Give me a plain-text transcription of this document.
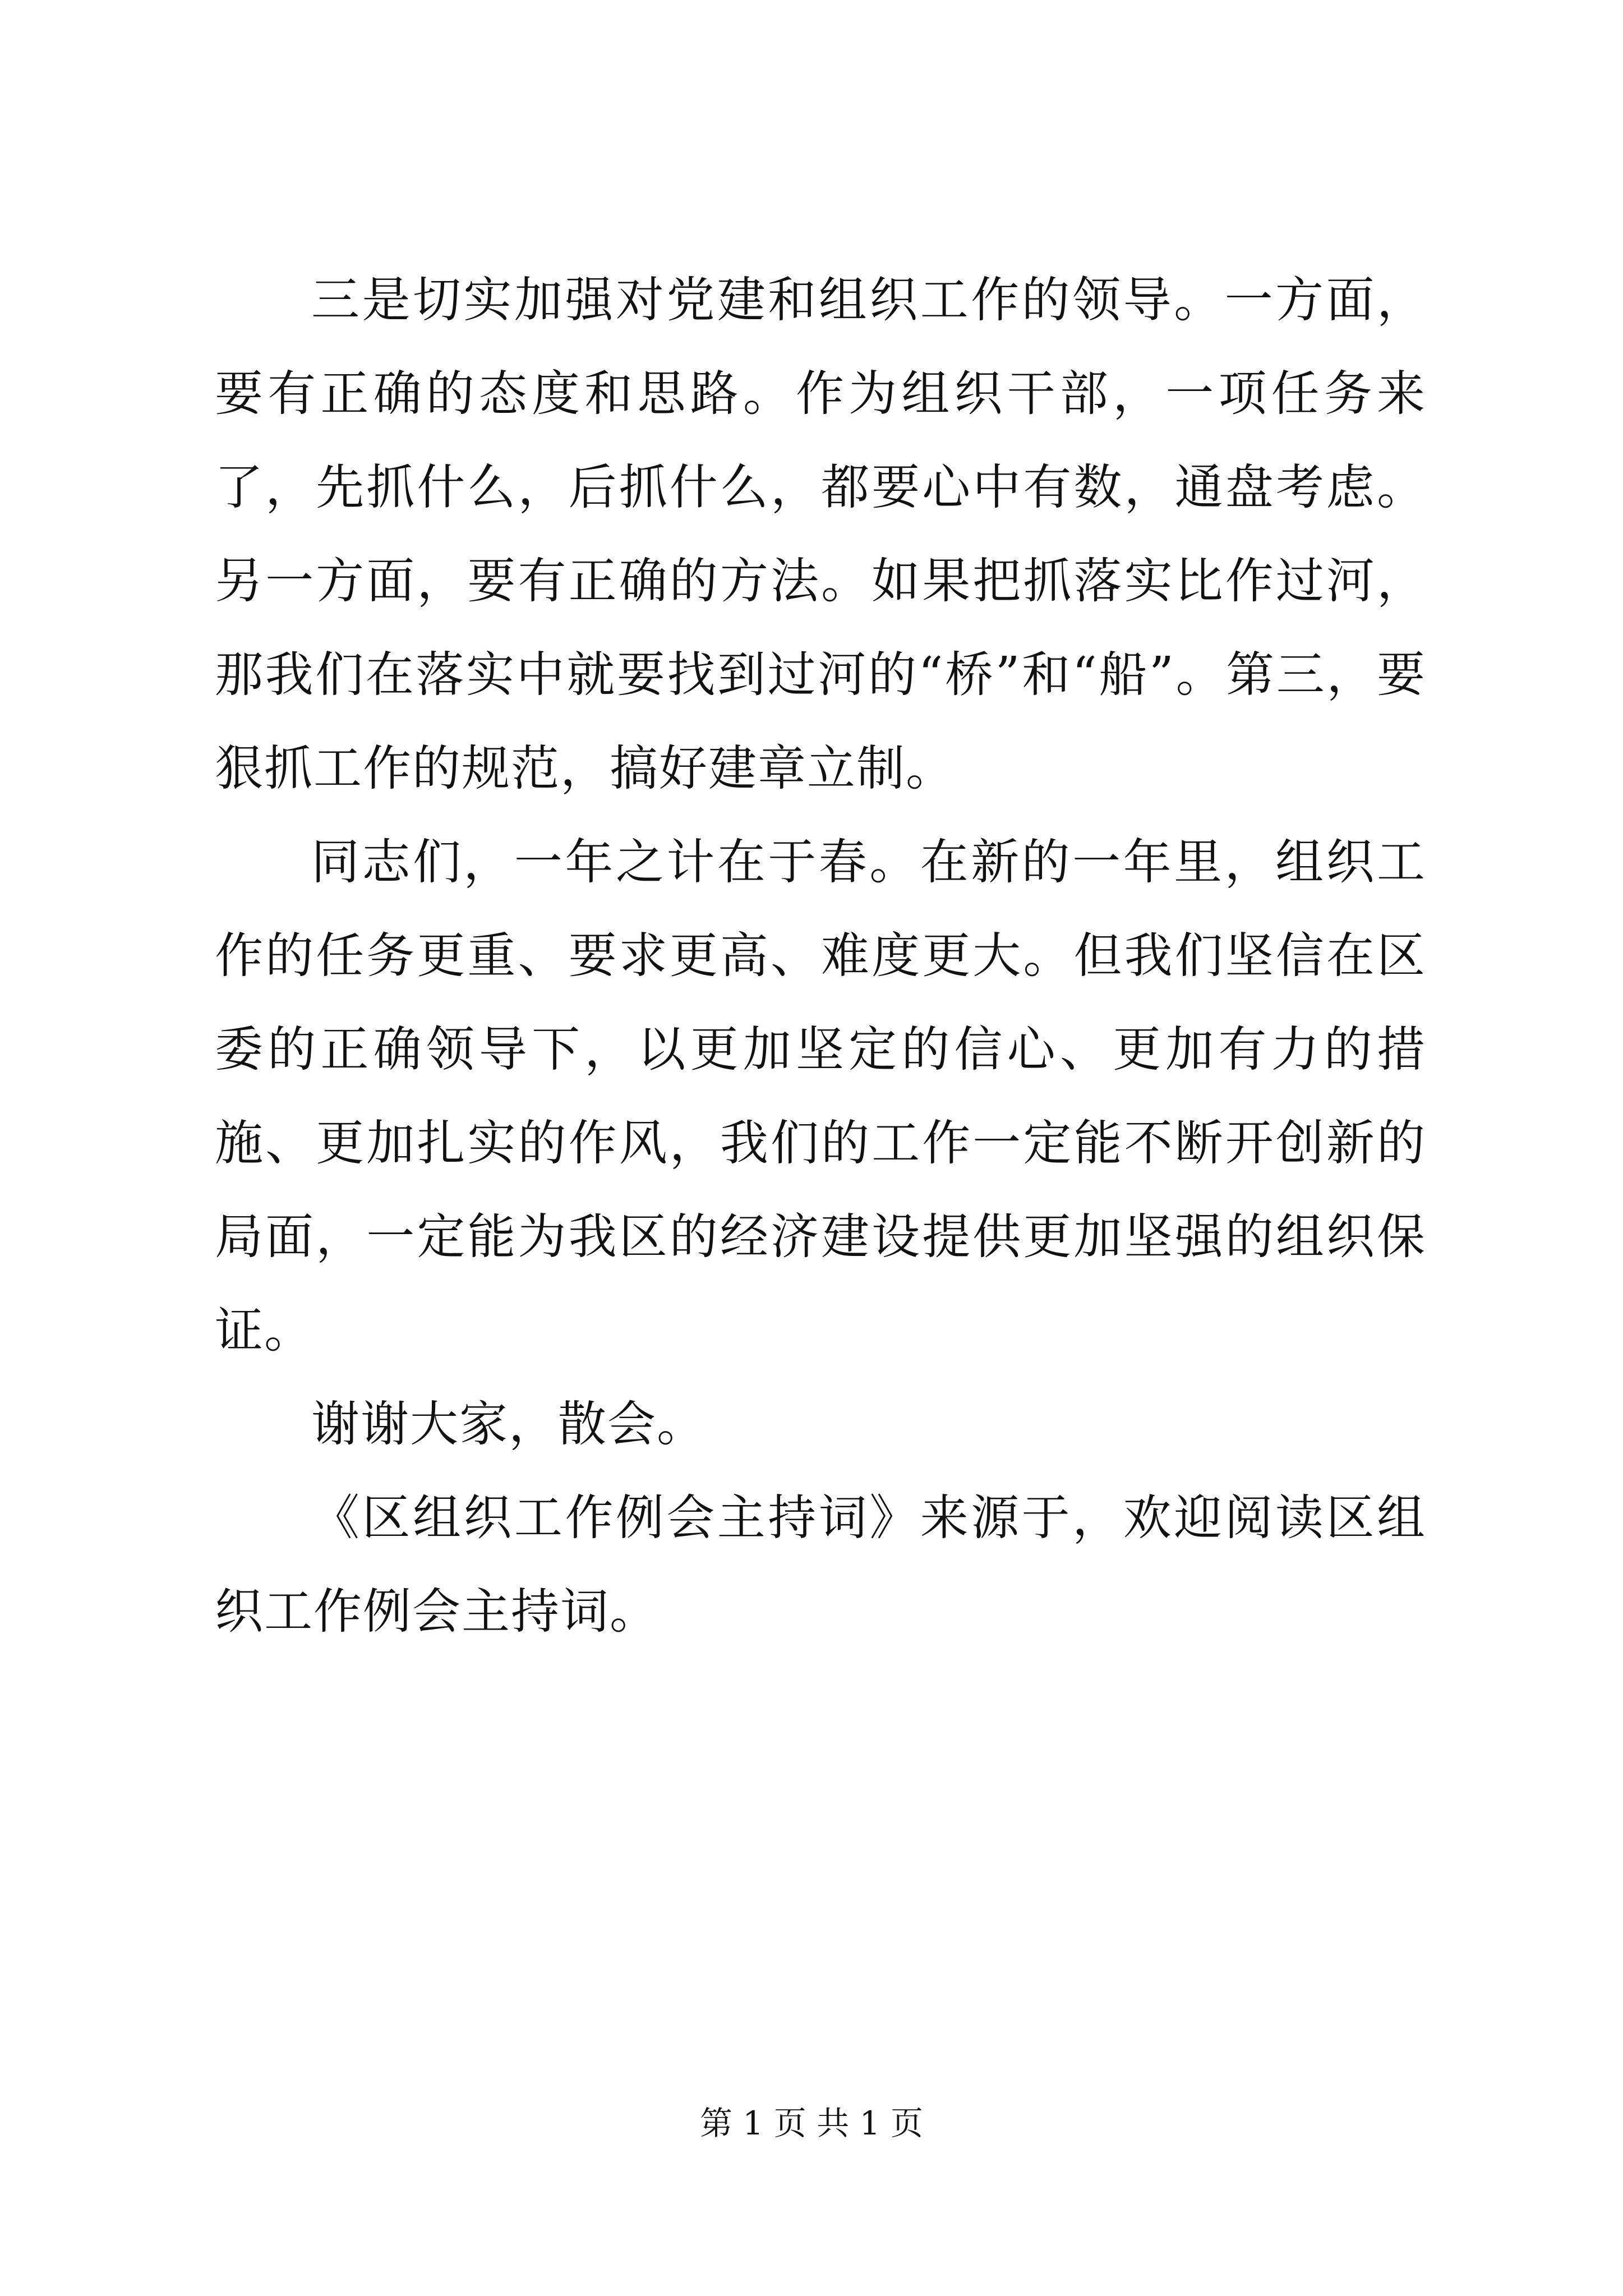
三是切实加强对党建和组织工作的领导。一方面，要有正确的态度和思路。作为组织干部，一项任务来了，先抓什么，后抓什么，都要心中有数，通盘考虑。另一方面，要有正确的方法。如果把抓落实比作过河，那我们在落实中就要找到过河的“桥”和“船”。第三，要狠抓工作的规范，搞好建章立制。

同志们，一年之计在于春。在新的一年里，组织工作的任务更重、要求更高、难度更大。但我们坚信在区委的正确领导下，以更加坚定的信心、更加有力的措施、更加扎实的作风，我们的工作一定能不断开创新的局面，一定能为我区的经济建设提供更加坚强的组织保证。

谢谢大家，散会。

《区组织工作例会主持词》来源于，欢迎阅读区组织工作例会主持词。

第 1 页 共 1 页
